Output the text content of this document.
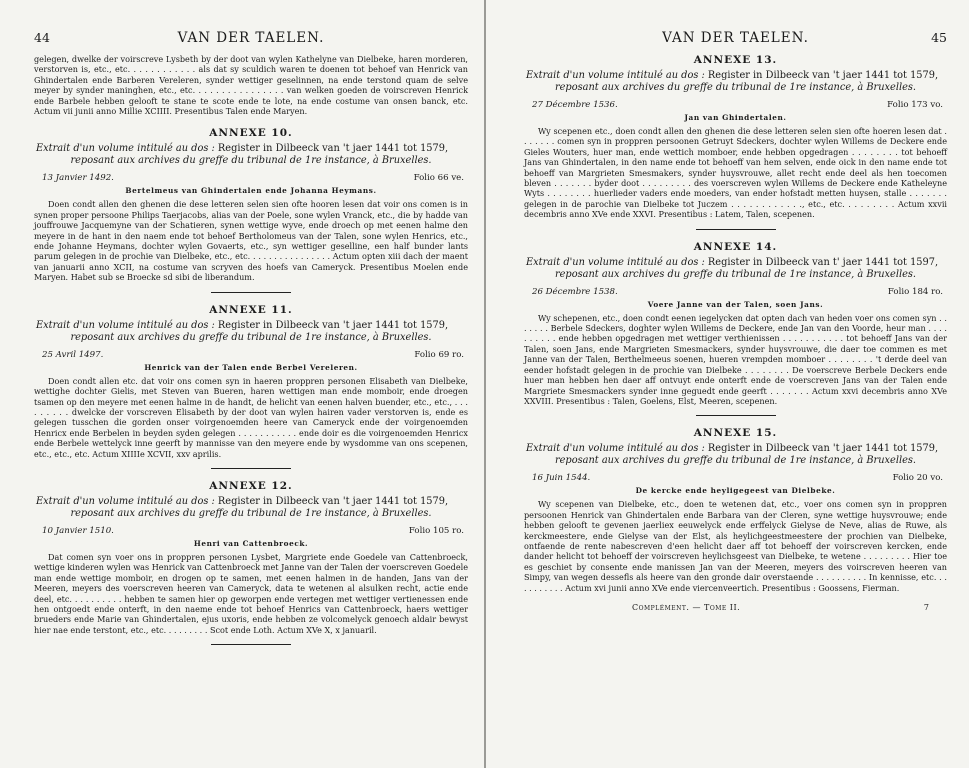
44	VAN DER TAELEN.

gelegen, dwelke der voirscreve Lysbeth by der doot van wylen Kathelyne van Dielbeke, haren morderen, verstorven is, etc., etc. . . . . . . . . . . . als dat sy sculdich waren te doenen tot behoef van Henrick van Ghindertalen ende Barberen Vereleren, synder wettiger geselinnen, na ende terstond quam de selve meyer by synder maninghen, etc., etc. . . . . . . . . . . . . . . . van welken goeden de voirscreven Henrick ende Barbele hebben gelooft te stane te scote ende te lote, na ende costume van onsen banck, etc. Actum vii junii anno Millie XCIIII. Presentibus Talen ende Maryen.

ANNEXE 10.
Extrait d'un volume intitulé au dos : Register in Dilbeeck van 't jaer 1441 tot 1579,
reposant aux archives du greffe du tribunal de 1re instance, à Bruxelles.
13 Janvier 1492.	Folio 66 ve.
Bertelmeus van Ghindertalen ende Johanna Heymans.

Doen condt allen den ghenen die dese letteren selen sien ofte hooren lesen dat voir ons comen is in synen proper persoone Philips Taerjacobs, alias van der Poele, sone wylen Vranck, etc., die by hadde van jouffrouwe Jacquemyne van der Schatieren, synen wettige wyve, ende droech op met eenen halme den meyere in de hant in den naem ende tot behoef Bertholomeus van der Talen, sone wylen Henrics, etc., ende Johanne Heymans, dochter wylen Govaerts, etc., syn wettiger geselline, een half bunder lants parum gelegen in de prochie van Dielbeke, etc., etc. . . . . . . . . . . . . . . . Actum opten xiii dach der maent van januarii anno XCII, na costume van scryven des hoefs van Cameryck. Presentibus Moelen ende Maryen. Habet sub se Broecke sd sibi de liberandum.

ANNEXE 11.
Extrait d'un volume intitulé au dos : Register in Dilbeeck van 't jaer 1441 tot 1579,
reposant aux archives du greffe du tribunal de 1re instance, à Bruxelles.
25 Avril 1497.	Folio 69 ro.
Henrick van der Talen ende Berbel Vereleren.

Doen condt allen etc. dat voir ons comen syn in haeren proppren personen Elisabeth van Dielbeke, wettighe dochter Gielis, met Steven van Bueren, haren wettigen man ende momboir, ende droegen tsamen op den meyere met eenen halme in de handt, de helicht van eenen halven buender, etc., etc., . . . . . . . . . dwelcke der vorscreven Elisabeth by der doot van wylen hairen vader verstorven is, ende es gelegen tusschen die gorden onser voirgenoemden heere van Cameryck ende der voirgenoemden Henricx ende Berbelen in beyden syden gelegen . . . . . . . . . . . ende doir es die voirgenoemden Henricx ende Berbele wettelyck inne geerft by mannisse van den meyere ende by wysdomme van ons scepenen, etc., etc., etc. Actum XIIIIe XCVII, xxv aprilis.

ANNEXE 12.
Extrait d'un volume intitulé au dos : Register in Dilbeeck van 't jaer 1441 tot 1579,
reposant aux archives du greffe du tribunal de 1re instance, à Bruxelles.
10 Janvier 1510.	Folio 105 ro.
Henri van Cattenbroeck.

Dat comen syn voer ons in proppren personen Lysbet, Margriete ende Goedele van Cattenbroeck, wettige kinderen wylen was Henrick van Cattenbroeck met Janne van der Talen der voerscreven Goedele man ende wettige momboir, en drogen op te samen, met eenen halmen in de handen, Jans van der Meeren, meyers des voerscreven heeren van Cameryck, data te wetenen al alsulken recht, actie ende deel, etc. . . . . . . . . . hebben te samen hier op geworpen ende vertegen met wettiger vertienessen ende hen ontgoedt ende onterft, in den naeme ende tot behoef Henrics van Cattenbroeck, haers wettiger brueders ende Marie van Ghindertalen, ejus uxoris, ende hebben ze volcomelyck genoech aldair bewyst hier nae ende terstont, etc., etc. . . . . . . . . Scot ende Loth. Actum XVe X, x januaril.

VAN DER TAELEN.	45
ANNEXE 13.
Extrait d'un volume intitulé au dos : Register in Dilbeeck van 't jaer 1441 tot 1579,
reposant aux archives du greffe du tribunal de 1re instance, à Bruxelles.
27 Décembre 1536.	Folio 173 vo.
Jan van Ghindertalen.

Wy scepenen etc., doen condt allen den ghenen die dese letteren selen sien ofte hoeren lesen dat . . . . . . . comen syn in proppren persoonen Getruyt Sdeckers, dochter wylen Willems de Deckere ende Gieles Wouters, huer man, ende wettich momboer, ende hebben opgedragen . . . . . . . . tot behoeff Jans van Ghindertalen, in den name ende tot behoeff van hem selven, ende oick in den name ende tot behoeff van Margrieten Smesmakers, synder huysvrouwe, allet recht ende deel als hen toecomen bleven . . . . . . . byder doot . . . . . . . . . des voerscreven wylen Willems de Deckere ende Katheleyne Wyts . . . . . . . . huerlieder vaders ende moeders, van ender hofstadt metten huysen, stalle . . . . . . . gelegen in de parochie van Dielbeke tot Juczem . . . . . . . . . . . ., etc., etc. . . . . . . . . Actum xxvii decembris anno XVe ende XXVI. Presentibus : Latem, Talen, scepenen.

ANNEXE 14.
Extrait d'un volume intitulé au dos : Register in Dilbeeck van t' jaer 1441 tot 1597,
reposant aux archives du greffe du tribunal de 1re instance, à Bruxelles.
26 Décembre 1538.	Folio 184 ro.
Voere Janne van der Talen, soen Jans.

Wy schepenen, etc., doen condt eenen iegelycken dat opten dach van heden voer ons comen syn . . . . . . . Berbele Sdeckers, doghter wylen Willems de Deckere, ende Jan van den Voorde, heur man . . . . . . . . . . ende hebben opgedragen met wettiger verthienissen . . . . . . . . . . . tot behoeff Jans van der Talen, soen Jans, ende Margrieten Smesmackers, synder huysvrouwe, die daer toe commen es met Janne van der Talen, Berthelmeeus soenen, hueren vrempden momboer . . . . . . . . 't derde deel van eender hofstadt gelegen in de prochie van Dielbeke . . . . . . . . De voerscreve Berbele Deckers ende huer man hebben hen daer aff ontvuyt ende onterft ende de voerscreven Jans van der Talen ende Margriete Smesmackers synder inne geguedt ende geerft . . . . . . . Actum xxvi decembris anno XVe XXVIII. Presentibus : Talen, Goelens, Elst, Meeren, scepenen.

ANNEXE 15.
Extrait d'un volume intitulé au dos : Register in Dilbeeck van 't jaer 1441 tot 1579,
reposant aux archives du greffe du tribunal de 1re instance, à Bruxelles.
16 Juin 1544.	Folio 20 vo.
De kercke ende heyligegeest van Dielbeke.

Wy scepenen van Dielbeke, etc., doen te wetenen dat, etc., voer ons comen syn in proppren persoonen Henrick van Ghindertalen ende Barbara van der Cleren, syne wettige huysvrouwe; ende hebben gelooft te gevenen jaerliex eeuwelyck ende erffelyck Gielyse de Neve, alias de Ruwe, als kerckmeestere, ende Gielyse van der Elst, als heylichgeestmeestere der prochien van Dielbeke, ontfaende de rente nabescreven d'een helicht daer aff tot behoeff der voirscreven kercken, ende dander helicht tot behoeff der voirscreven heylichsgeest van Dielbeke, te wetene . . . . . . . . . Hier toe es geschiet by consente ende manissen Jan van der Meeren, meyers des voirscreven heeren van Simpy, van wegen dessefls als heere van den gronde dair overstaende . . . . . . . . . . In kennisse, etc. . . . . . . . . . . Actum xvi junii anno XVe ende viercenveertich. Presentibus : Goossens, Fierman.

Complément. — Tome II.	7
